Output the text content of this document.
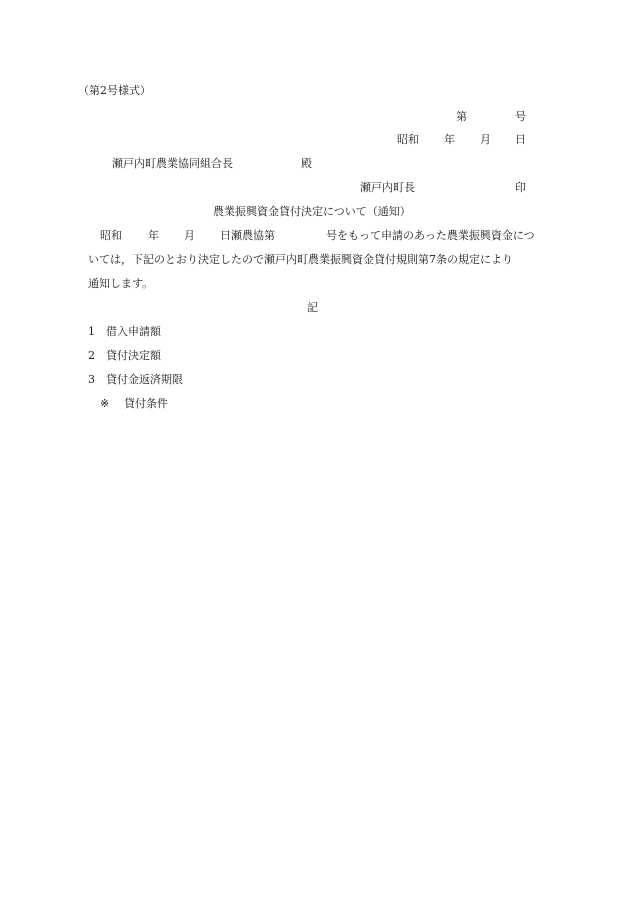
（第2号様式）
第	号
昭和 年 月 日
瀬戸内町農業協同組合長	殿
瀬戸内町長	印
農業振興資金貸付決定について（通知）
昭和 年 月 日瀬農協第	号をもって申請のあった農業振興資金につ
いては，下記のとおり決定したので瀬戸内町農業振興資金貸付規則第7条の規定により
通知します。
記
1 借入申請額
2 貸付決定額
3 貸付金返済期限
※ 貸付条件
